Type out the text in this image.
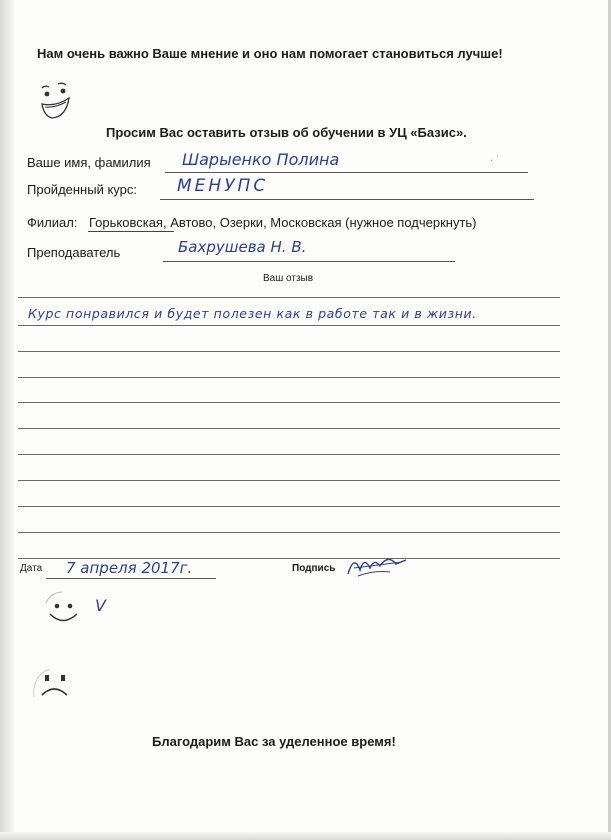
Нам очень важно Ваше мнение и оно нам помогает становиться лучше!
Просим Вас оставить отзыв об обучении в УЦ «Базис».
Ваше имя, фамилия Шарыенко Полина	· ˙
Пройденный курс: МЕНУПС
Филиал: Горьковская, Автово, Озерки, Московская (нужное подчеркнуть)
Преподаватель	Бахрушева Н. В.
Ваш отзыв
Курс понравился и будет полезен как в работе так и в жизни.
Дата 7 апреля 2017г.	Подпись
V
Благодарим Вас за уделенное время!
